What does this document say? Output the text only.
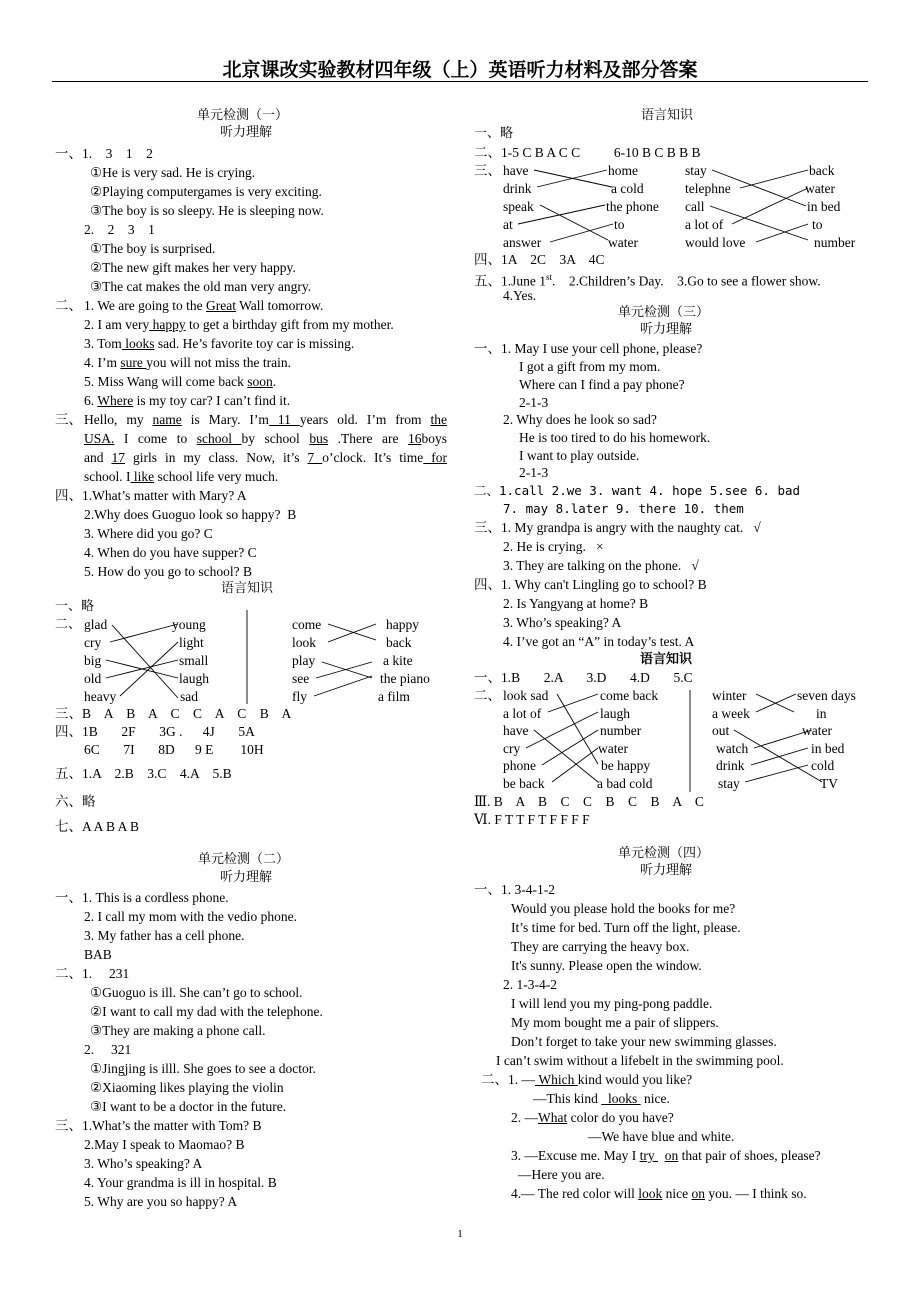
北京课改实验教材四年级（上）英语听力材料及部分答案
单元检测（一）
听力理解
一、1.    3    1    2
①He is very sad. He is crying.
②Playing computergames is very exciting.
③The boy is so sleepy. He is sleeping now.
2.    2    3    1
①The boy is surprised.
②The new gift makes her very happy.
③The cat makes the old man very angry.
二、 1. We are going to the Great Wall tomorrow.
2. I am very happy to get a birthday gift from my mother.
3. Tom looks sad. He’s favorite toy car is missing.
4. I’m sure you will not miss the train.
5. Miss Wang will come back soon.
6. Where is my toy car? I can’t find it.
三、 Hello, my name is Mary. I’m 11 years old. I’m from the
USA. I come to school by school bus .There are 16boys
and 17 girls in my class. Now, it’s 7 o’clock. It’s time for
school. I like school life very much.
四、1.What’s matter with Mary? A
2.Why does Guoguo look so happy?  B
3. Where did you go? C
4. When do you have supper? C
5. How do you go to school? B
语言知识
一、略
二、 glad
cry
big
old
heavy
young
light
small
laugh
sad
come
look
play
see
fly
happy
back
a kite
the piano
a film
三、B    A    B    A    C    C    A    C    B    A
四、1B       2F       3G .      4J       5A
6C       7I       8D      9 E        10H
五、1.A    2.B    3.C    4.A    5.B
六、略
七、A A B A B
单元检测（二）
听力理解
一、1. This is a cordless phone.
2. I call my mom with the vedio phone.
3. My father has a cell phone.
BAB
二、1.     231
①Guoguo is ill. She can’t go to school.
②I want to call my dad with the telephone.
③They are making a phone call.
2.     321
①Jingjing is illl. She goes to see a doctor.
②Xiaoming likes playing the violin
③I want to be a doctor in the future.
三、1.What’s the matter with Tom? B
2.May I speak to Maomao? B
3. Who’s speaking? A
4. Your grandma is ill in hospital. B
5. Why are you so happy? A
语言知识
一、略
二、1-5 C B A C C          6-10 B C B B B
三、 have
drink
speak
at
answer
home
a cold
the phone
to
water
stay
telephne
call
a lot of
would love
back
water
in bed
to
number
四、1A    2C    3A    4C
五、1.June 1st.    2.Children’s Day.    3.Go to see a flower show.
4.Yes.
单元检测（三）
听力理解
一、1. May I use your cell phone, please?
I got a gift from my mom.
Where can I find a pay phone?
2-1-3
2. Why does he look so sad?
He is too tired to do his homework.
I want to play outside.
2-1-3
二、1.call 2.we 3. want 4. hope 5.see 6. bad
7. may 8.later 9. there 10. them
三、1. My grandpa is angry with the naughty cat.   √
2. He is crying.   ×
3. They are talking on the phone.   √
四、1. Why can't Lingling go to school? B
2. Is Yangyang at home? B
3. Who’s speaking? A
4. I’ve got an “A” in today’s test. A
语言知识
一、1.B       2.A       3.D       4.D       5.C
二、 look sad
a lot of
have
cry
phone
be back
come back
laugh
number
water
be happy
a bad cold
winter
a week
out
watch
drink
stay
seven days
in
water
in bed
cold
TV
Ⅲ. B    A    B    C    C    B    C    B    A    C
Ⅵ. F T T F T F F F F
单元检测（四）
听力理解
一、1. 3-4-1-2
Would you please hold the books for me?
It’s time for bed. Turn off the light, please.
They are carrying the heavy box.
It's sunny. Please open the window.
2. 1-3-4-2
I will lend you my ping-pong paddle.
My mom bought me a pair of slippers.
Don’t forget to take your new swimming glasses.
I can’t swim without a lifebelt in the swimming pool.
二、1. — Which kind would you like?
—This kind   looks  nice.
2. —What color do you have?
—We have blue and white.
3. —Excuse me. May I try   on that pair of shoes, please?
—Here you are.
4.— The red color will look nice on you. — I think so.
1
